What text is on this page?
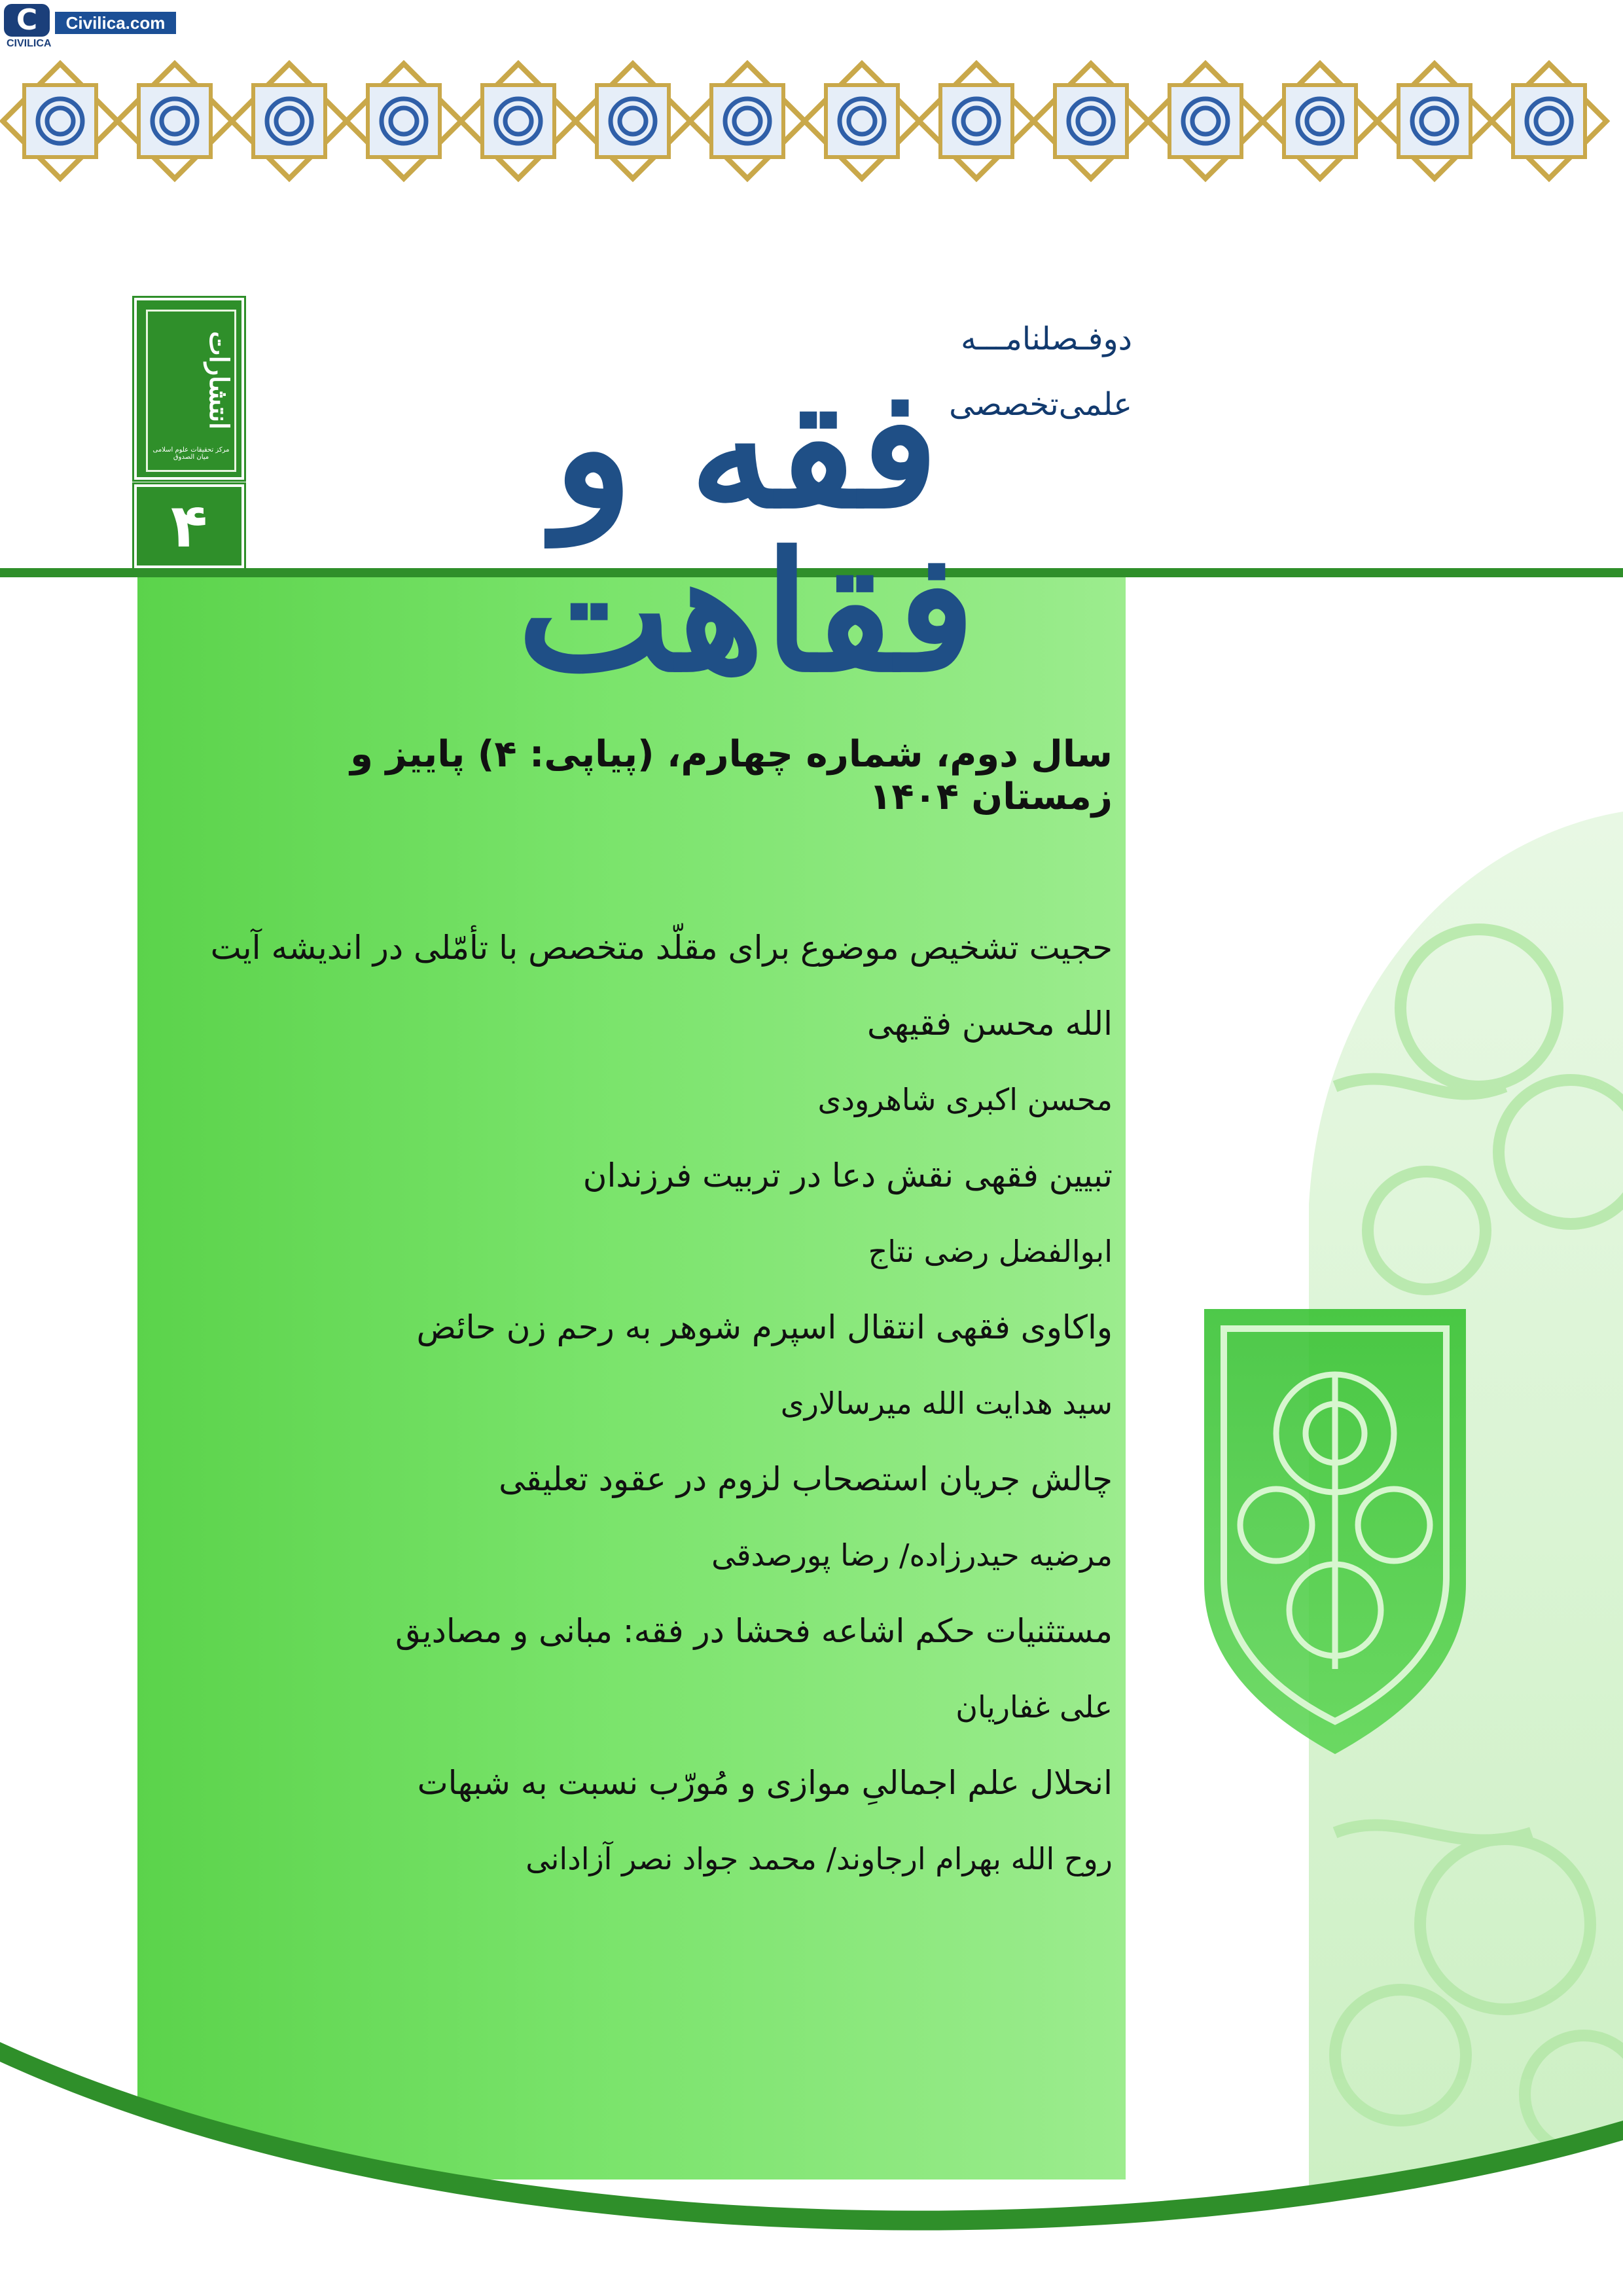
C	Civilica.com
CIVILICA
انتشارات
مرکز تحقیقات علوم اسلامی میان الصدوق
۴
دوفـصلنامـــه
علمی‌تخصصی
فقه و فقاهت
سال دوم، شماره چهارم، (پیاپی: ۴) پاییز و زمستان ۱۴۰۴

حجیت تشخیص موضوع برای مقلّد متخصص با تأمّلی در اندیشه آیت الله محسن فقیهی

محسن اکبری شاهرودی

تبیین فقهی نقش دعا در تربیت فرزندان

ابوالفضل رضی نتاج

واکاوی فقهی انتقال اسپرم شوهر به رحم زن حائض

سید هدایت الله میرسالاری

چالش جریان استصحاب لزوم در عقود تعلیقی

مرضیه حیدرزاده/ رضا پورصدقی

مستثنیات حکم اشاعه فحشا در فقه: مبانی و مصادیق

علی غفاریان

انحلال علم اجمالیِ موازی و مُورّب نسبت به شبهات

روح الله بهرام ارجاوند/ محمد جواد نصر آزادانی
